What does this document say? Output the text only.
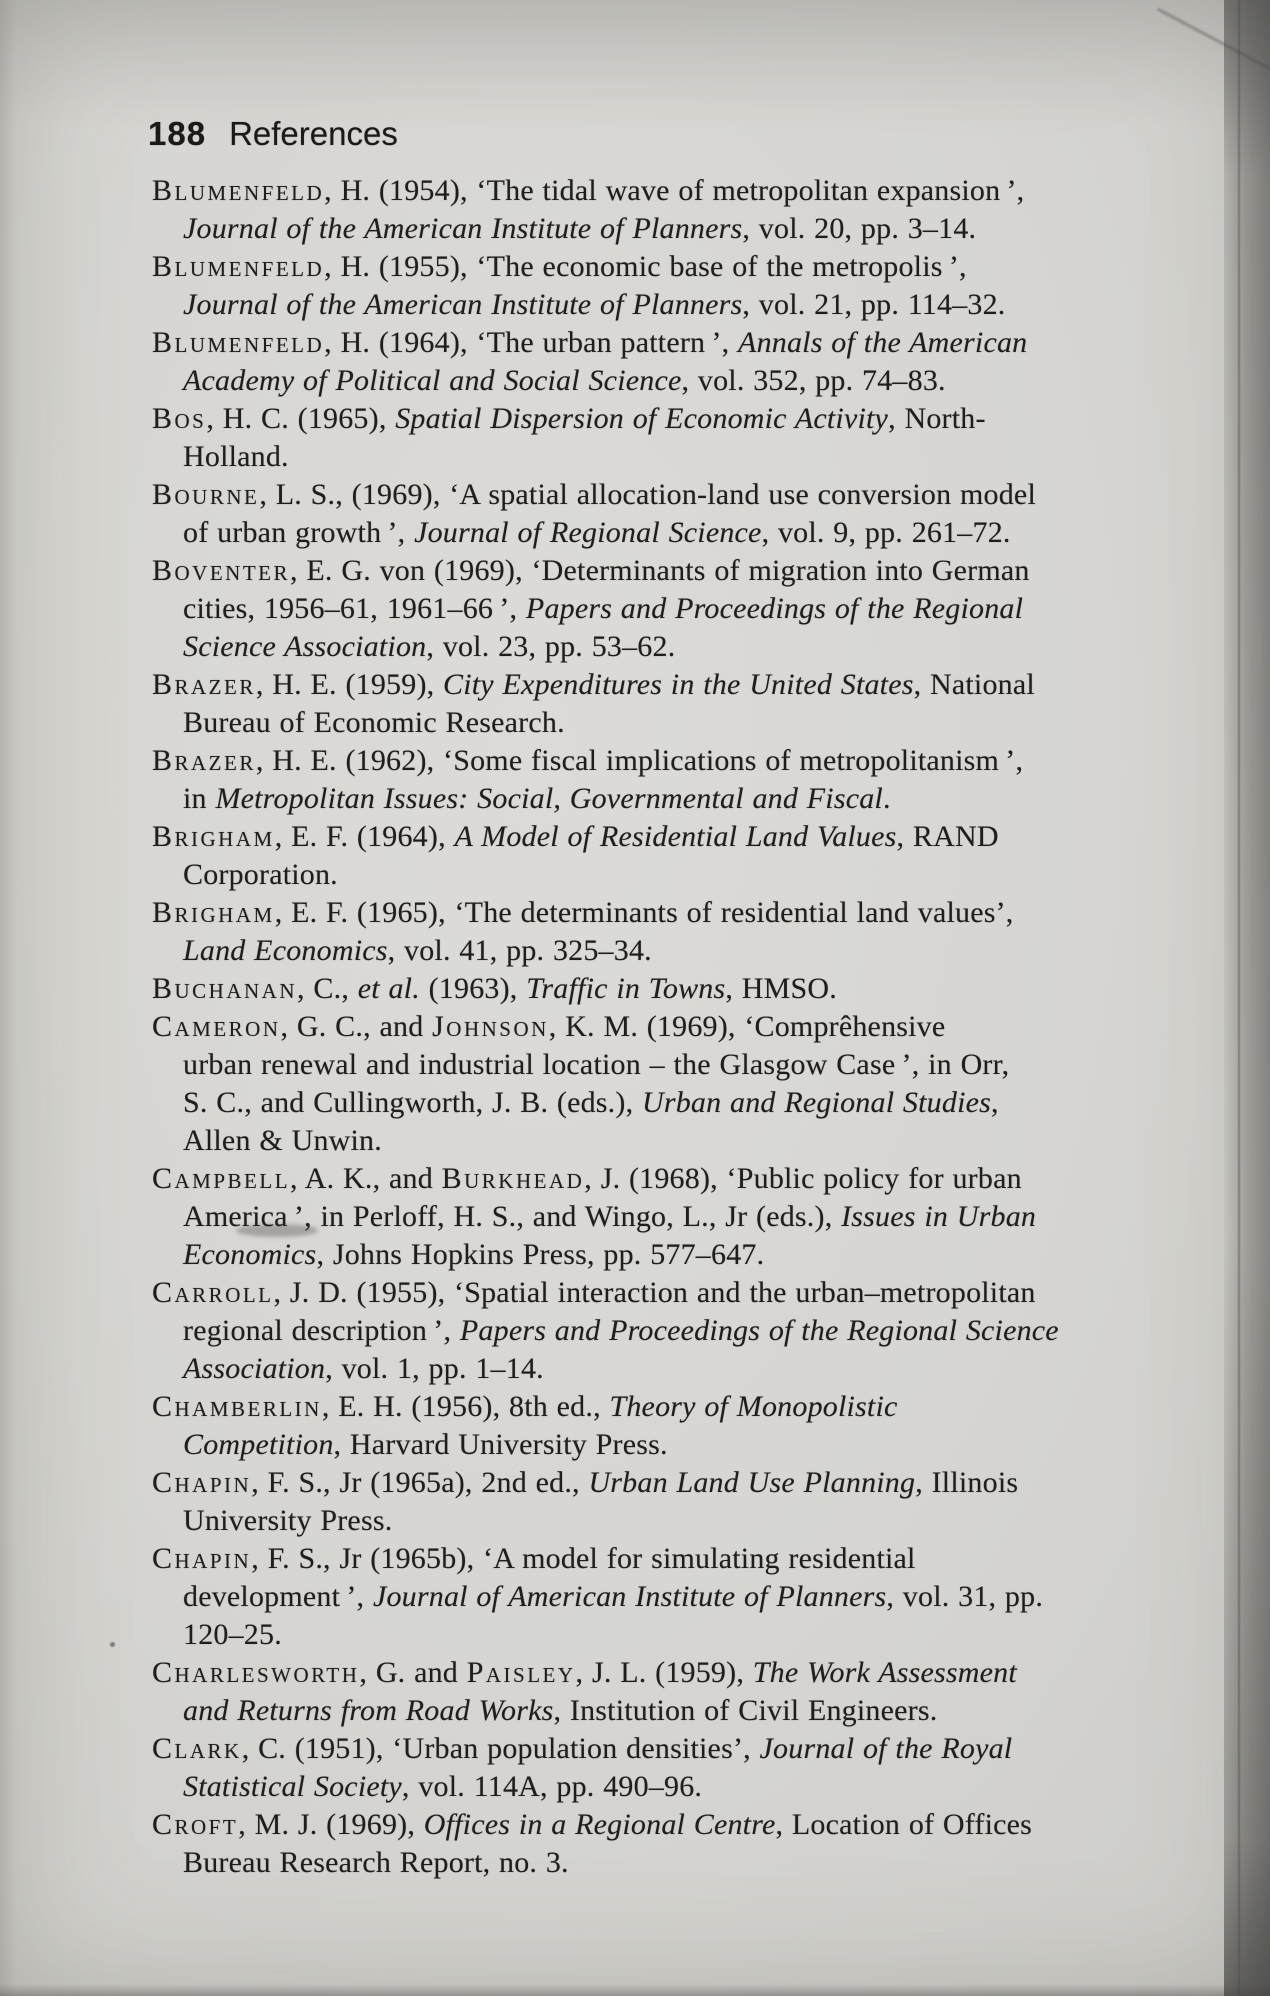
188 References
Blumenfeld, H. (1954), ‘The tidal wave of metropolitan expansion ’,
Journal of the American Institute of Planners, vol. 20, pp. 3–14.
Blumenfeld, H. (1955), ‘The economic base of the metropolis ’,
Journal of the American Institute of Planners, vol. 21, pp. 114–32.
Blumenfeld, H. (1964), ‘The urban pattern ’, Annals of the American
Academy of Political and Social Science, vol. 352, pp. 74–83.
Bos, H. C. (1965), Spatial Dispersion of Economic Activity, North-
Holland.
Bourne, L. S., (1969), ‘A spatial allocation-land use conversion model
of urban growth ’, Journal of Regional Science, vol. 9, pp. 261–72.
Boventer, E. G. von (1969), ‘Determinants of migration into German
cities, 1956–61, 1961–66 ’, Papers and Proceedings of the Regional
Science Association, vol. 23, pp. 53–62.
Brazer, H. E. (1959), City Expenditures in the United States, National
Bureau of Economic Research.
Brazer, H. E. (1962), ‘Some fiscal implications of metropolitanism ’,
in Metropolitan Issues: Social, Governmental and Fiscal.
Brigham, E. F. (1964), A Model of Residential Land Values, RAND
Corporation.
Brigham, E. F. (1965), ‘The determinants of residential land values’,
Land Economics, vol. 41, pp. 325–34.
Buchanan, C., et al. (1963), Traffic in Towns, HMSO.
Cameron, G. C., and Johnson, K. M. (1969), ‘Comprêhensive
urban renewal and industrial location – the Glasgow Case ’, in Orr,
S. C., and Cullingworth, J. B. (eds.), Urban and Regional Studies,
Allen & Unwin.
Campbell, A. K., and Burkhead, J. (1968), ‘Public policy for urban
America ’, in Perloff, H. S., and Wingo, L., Jr (eds.), Issues in Urban
Economics, Johns Hopkins Press, pp. 577–647.
Carroll, J. D. (1955), ‘Spatial interaction and the urban–metropolitan
regional description ’, Papers and Proceedings of the Regional Science
Association, vol. 1, pp. 1–14.
Chamberlin, E. H. (1956), 8th ed., Theory of Monopolistic
Competition, Harvard University Press.
Chapin, F. S., Jr (1965a), 2nd ed., Urban Land Use Planning, Illinois
University Press.
Chapin, F. S., Jr (1965b), ‘A model for simulating residential
development ’, Journal of American Institute of Planners, vol. 31, pp.
120–25.
Charlesworth, G. and Paisley, J. L. (1959), The Work Assessment
and Returns from Road Works, Institution of Civil Engineers.
Clark, C. (1951), ‘Urban population densities’, Journal of the Royal
Statistical Society, vol. 114A, pp. 490–96.
Croft, M. J. (1969), Offices in a Regional Centre, Location of Offices
Bureau Research Report, no. 3.
